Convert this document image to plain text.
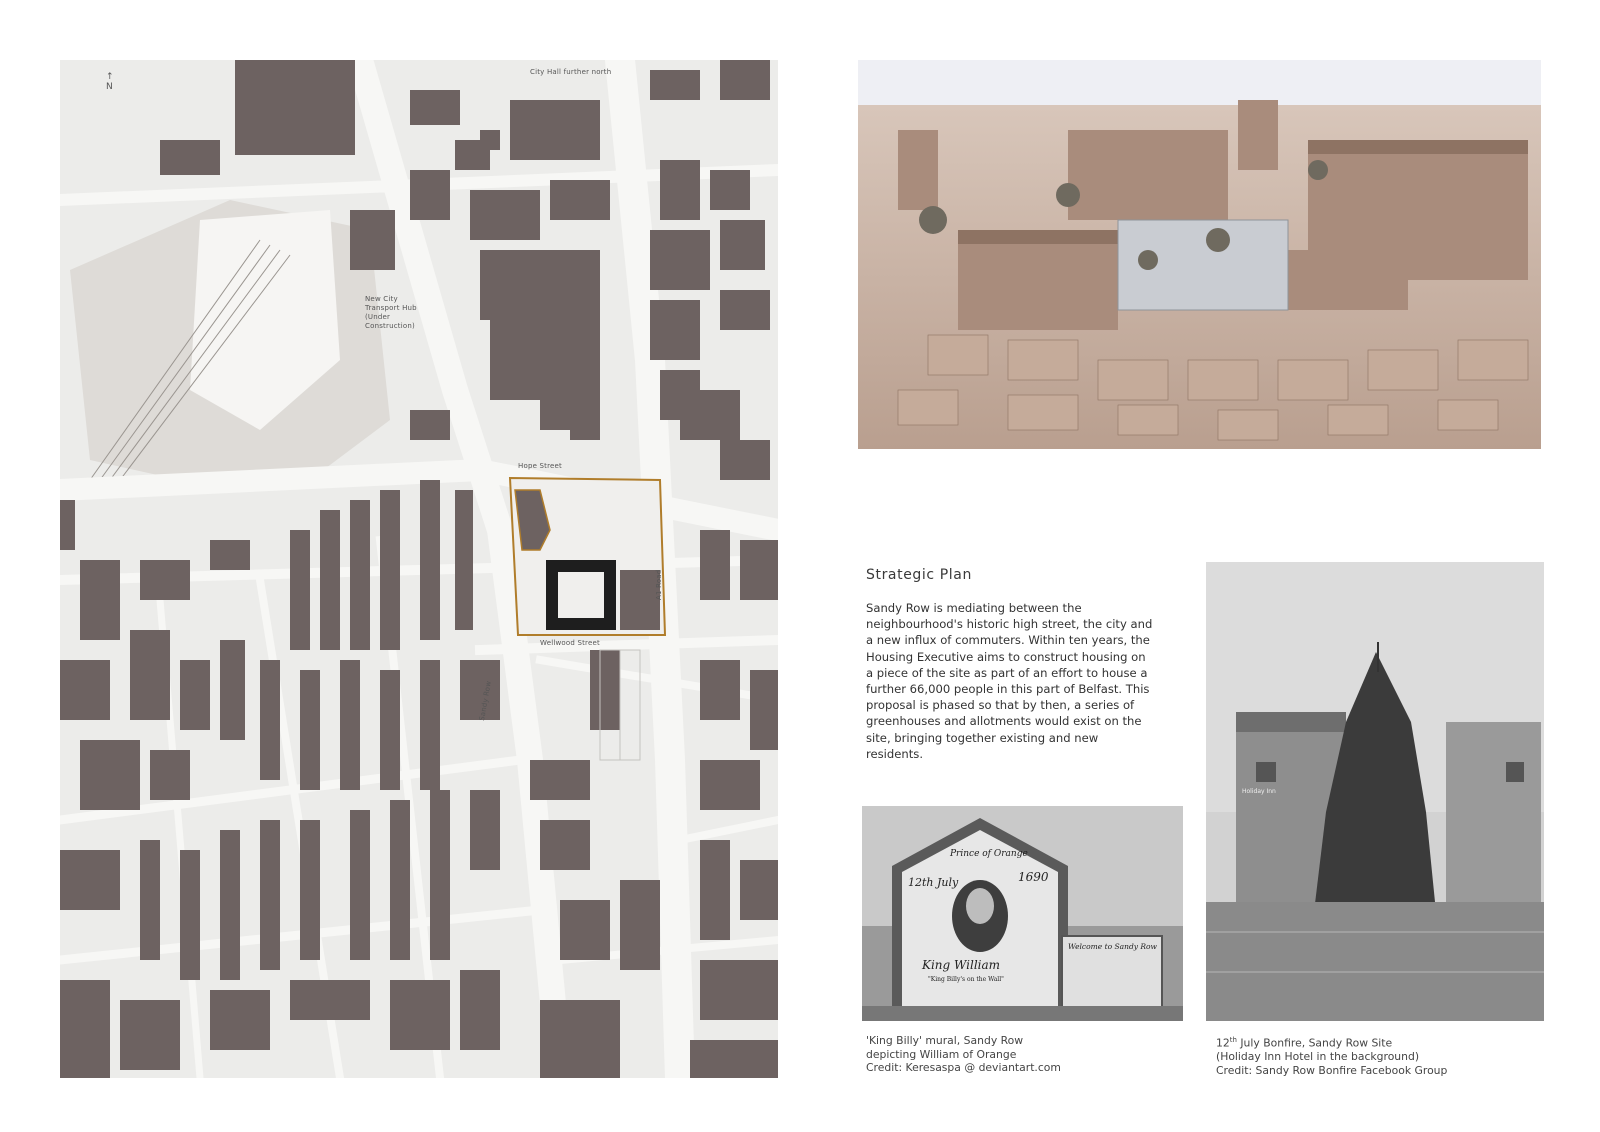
↑
N
City Hall further north
New City
Transport Hub
(Under
Construction)
Hope Street
Wellwood Street
A1 Road
Sandy Row
Strategic Plan

Sandy Row is mediating between the neighbourhood's historic high street, the city and a new influx of commuters. Within ten years, the Housing Executive aims to construct housing on a piece of the site as part of an effort to house a further 66,000 people in this part of Belfast. This proposal is phased so that by then, a series of greenhouses and allotments would exist on the site, bringing together existing and new residents.

Prince of Orange
12th July	1690
King William
"King Billy's on the Wall"
Welcome to Sandy Row
'King Billy' mural, Sandy Row
depicting William of Orange
Credit: Keresaspa @ deviantart.com
Holiday Inn
12th July Bonfire, Sandy Row Site
(Holiday Inn Hotel in the background)
Credit: Sandy Row Bonfire Facebook Group
